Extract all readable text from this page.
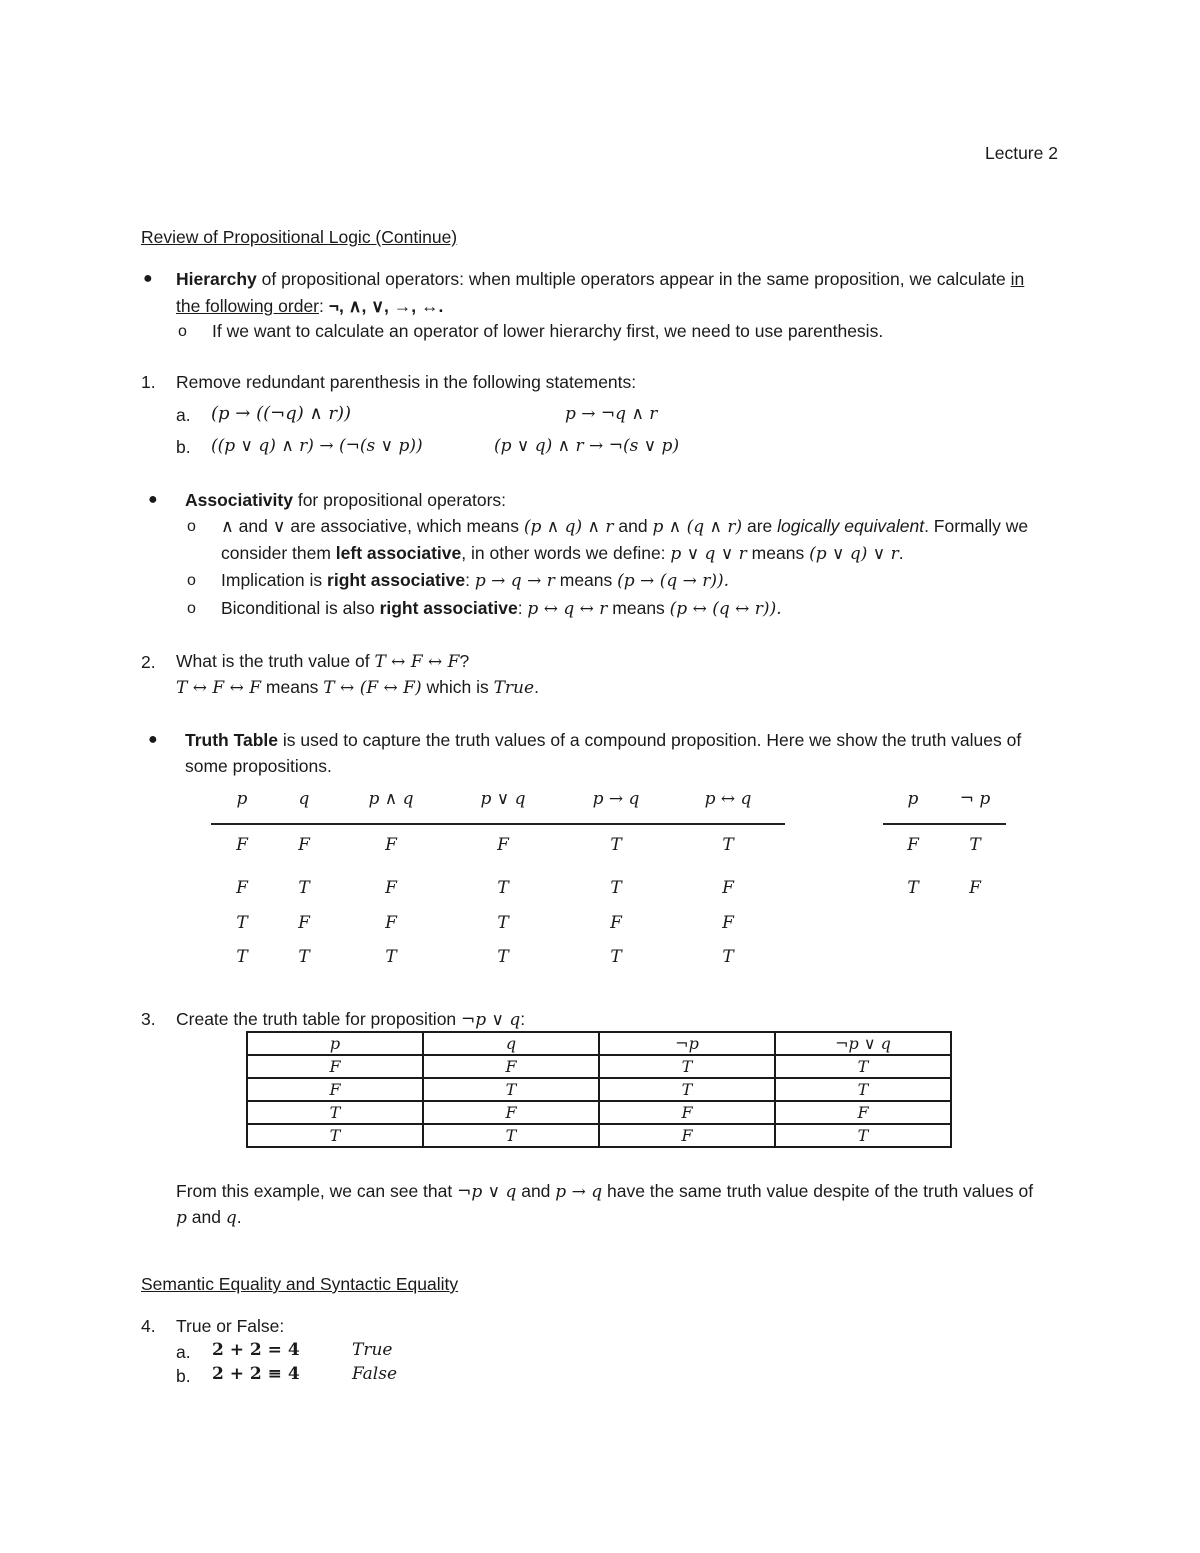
Lecture 2
Review of Propositional Logic (Continue)
● Hierarchy of propositional operators: when multiple operators appear in the same proposition, we calculate in
the following order: ¬, ∧, ∨, →, ↔.
o If we want to calculate an operator of lower hierarchy first, we need to use parenthesis.
1. Remove redundant parenthesis in the following statements:
a. (p → ((¬q) ∧ r))	p → ¬q ∧ r
b. ((p ∨ q) ∧ r) → (¬(s ∨ p))	(p ∨ q) ∧ r → ¬(s ∨ p)
● Associativity for propositional operators:
o ∧ and ∨ are associative, which means (p ∧ q) ∧ r and p ∧ (q ∧ r) are logically equivalent. Formally we
consider them left associative, in other words we define: p ∨ q ∨ r means (p ∨ q) ∨ r.
o Implication is right associative: p → q → r means (p → (q → r)).
o Biconditional is also right associative: p ↔ q ↔ r means (p ↔ (q ↔ r)).
2. What is the truth value of T ↔ F ↔ F?
T ↔ F ↔ F means T ↔ (F ↔ F) which is True.
● Truth Table is used to capture the truth values of a compound proposition. Here we show the truth values of
some propositions.
p	q	p ∧ q	p ∨ q	p → q	p ↔ q
F	F	F	F	T	T
F	T	F	T	T	F
T	F	F	T	F	F
T	T	T	T	T	T
p ¬ p
F	T
T	F
3. Create the truth table for proposition ¬p ∨ q:
p	q	¬p	¬p ∨ q
F	F	T	T
F	T	T	T
T	F	F	F
T	T	F	T
From this example, we can see that ¬p ∨ q and p → q have the same truth value despite of the truth values of
p and q.
Semantic Equality and Syntactic Equality
4. True or False:
a. 2 + 2 = 4	True
b. 2 + 2 ≡ 4	False
